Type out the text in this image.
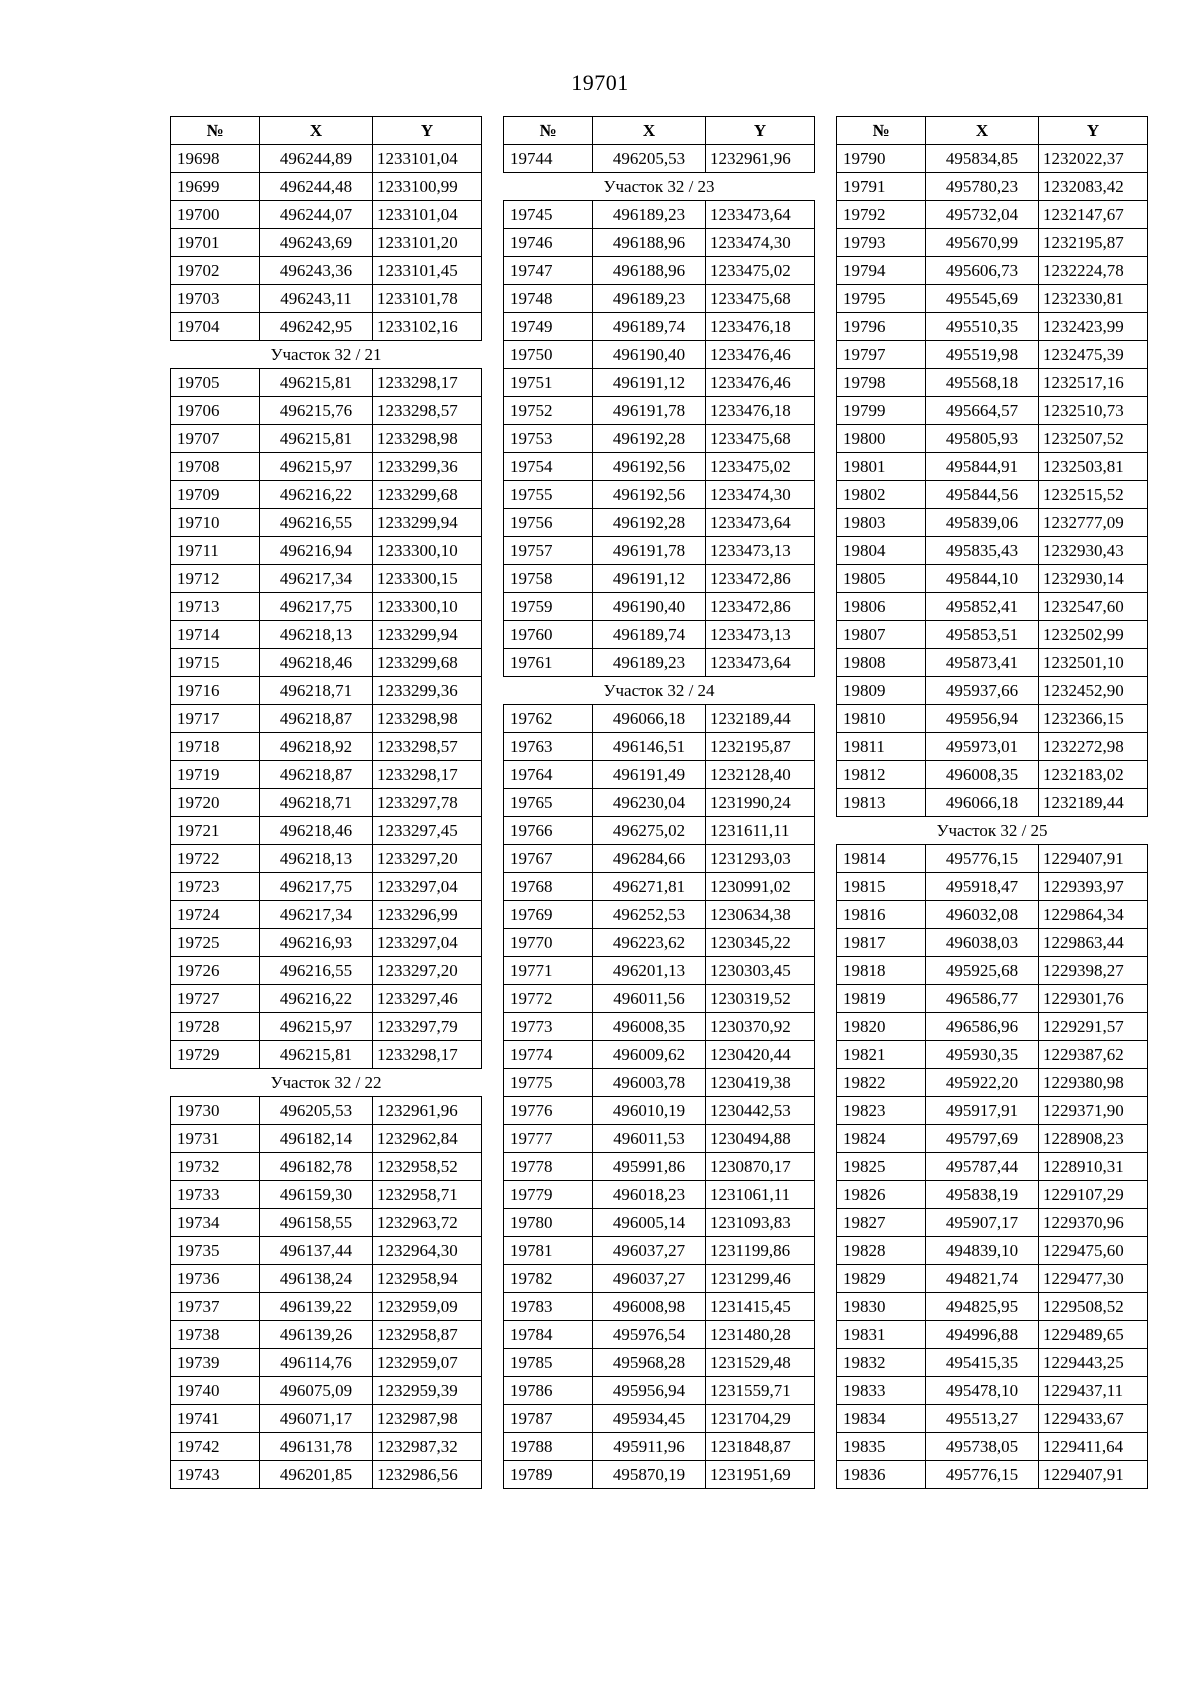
19701
№	X	Y
19698	496244,89	1233101,04
19699	496244,48	1233100,99
19700	496244,07	1233101,04
19701	496243,69	1233101,20
19702	496243,36	1233101,45
19703	496243,11	1233101,78
19704	496242,95	1233102,16
Участок 32 / 21		
19705	496215,81	1233298,17
19706	496215,76	1233298,57
19707	496215,81	1233298,98
19708	496215,97	1233299,36
19709	496216,22	1233299,68
19710	496216,55	1233299,94
19711	496216,94	1233300,10
19712	496217,34	1233300,15
19713	496217,75	1233300,10
19714	496218,13	1233299,94
19715	496218,46	1233299,68
19716	496218,71	1233299,36
19717	496218,87	1233298,98
19718	496218,92	1233298,57
19719	496218,87	1233298,17
19720	496218,71	1233297,78
19721	496218,46	1233297,45
19722	496218,13	1233297,20
19723	496217,75	1233297,04
19724	496217,34	1233296,99
19725	496216,93	1233297,04
19726	496216,55	1233297,20
19727	496216,22	1233297,46
19728	496215,97	1233297,79
19729	496215,81	1233298,17
Участок 32 / 22		
19730	496205,53	1232961,96
19731	496182,14	1232962,84
19732	496182,78	1232958,52
19733	496159,30	1232958,71
19734	496158,55	1232963,72
19735	496137,44	1232964,30
19736	496138,24	1232958,94
19737	496139,22	1232959,09
19738	496139,26	1232958,87
19739	496114,76	1232959,07
19740	496075,09	1232959,39
19741	496071,17	1232987,98
19742	496131,78	1232987,32
19743	496201,85	1232986,56
№	X	Y
19744	496205,53	1232961,96
Участок 32 / 23		
19745	496189,23	1233473,64
19746	496188,96	1233474,30
19747	496188,96	1233475,02
19748	496189,23	1233475,68
19749	496189,74	1233476,18
19750	496190,40	1233476,46
19751	496191,12	1233476,46
19752	496191,78	1233476,18
19753	496192,28	1233475,68
19754	496192,56	1233475,02
19755	496192,56	1233474,30
19756	496192,28	1233473,64
19757	496191,78	1233473,13
19758	496191,12	1233472,86
19759	496190,40	1233472,86
19760	496189,74	1233473,13
19761	496189,23	1233473,64
Участок 32 / 24		
19762	496066,18	1232189,44
19763	496146,51	1232195,87
19764	496191,49	1232128,40
19765	496230,04	1231990,24
19766	496275,02	1231611,11
19767	496284,66	1231293,03
19768	496271,81	1230991,02
19769	496252,53	1230634,38
19770	496223,62	1230345,22
19771	496201,13	1230303,45
19772	496011,56	1230319,52
19773	496008,35	1230370,92
19774	496009,62	1230420,44
19775	496003,78	1230419,38
19776	496010,19	1230442,53
19777	496011,53	1230494,88
19778	495991,86	1230870,17
19779	496018,23	1231061,11
19780	496005,14	1231093,83
19781	496037,27	1231199,86
19782	496037,27	1231299,46
19783	496008,98	1231415,45
19784	495976,54	1231480,28
19785	495968,28	1231529,48
19786	495956,94	1231559,71
19787	495934,45	1231704,29
19788	495911,96	1231848,87
19789	495870,19	1231951,69
№	X	Y
19790	495834,85	1232022,37
19791	495780,23	1232083,42
19792	495732,04	1232147,67
19793	495670,99	1232195,87
19794	495606,73	1232224,78
19795	495545,69	1232330,81
19796	495510,35	1232423,99
19797	495519,98	1232475,39
19798	495568,18	1232517,16
19799	495664,57	1232510,73
19800	495805,93	1232507,52
19801	495844,91	1232503,81
19802	495844,56	1232515,52
19803	495839,06	1232777,09
19804	495835,43	1232930,43
19805	495844,10	1232930,14
19806	495852,41	1232547,60
19807	495853,51	1232502,99
19808	495873,41	1232501,10
19809	495937,66	1232452,90
19810	495956,94	1232366,15
19811	495973,01	1232272,98
19812	496008,35	1232183,02
19813	496066,18	1232189,44
Участок 32 / 25		
19814	495776,15	1229407,91
19815	495918,47	1229393,97
19816	496032,08	1229864,34
19817	496038,03	1229863,44
19818	495925,68	1229398,27
19819	496586,77	1229301,76
19820	496586,96	1229291,57
19821	495930,35	1229387,62
19822	495922,20	1229380,98
19823	495917,91	1229371,90
19824	495797,69	1228908,23
19825	495787,44	1228910,31
19826	495838,19	1229107,29
19827	495907,17	1229370,96
19828	494839,10	1229475,60
19829	494821,74	1229477,30
19830	494825,95	1229508,52
19831	494996,88	1229489,65
19832	495415,35	1229443,25
19833	495478,10	1229437,11
19834	495513,27	1229433,67
19835	495738,05	1229411,64
19836	495776,15	1229407,91
